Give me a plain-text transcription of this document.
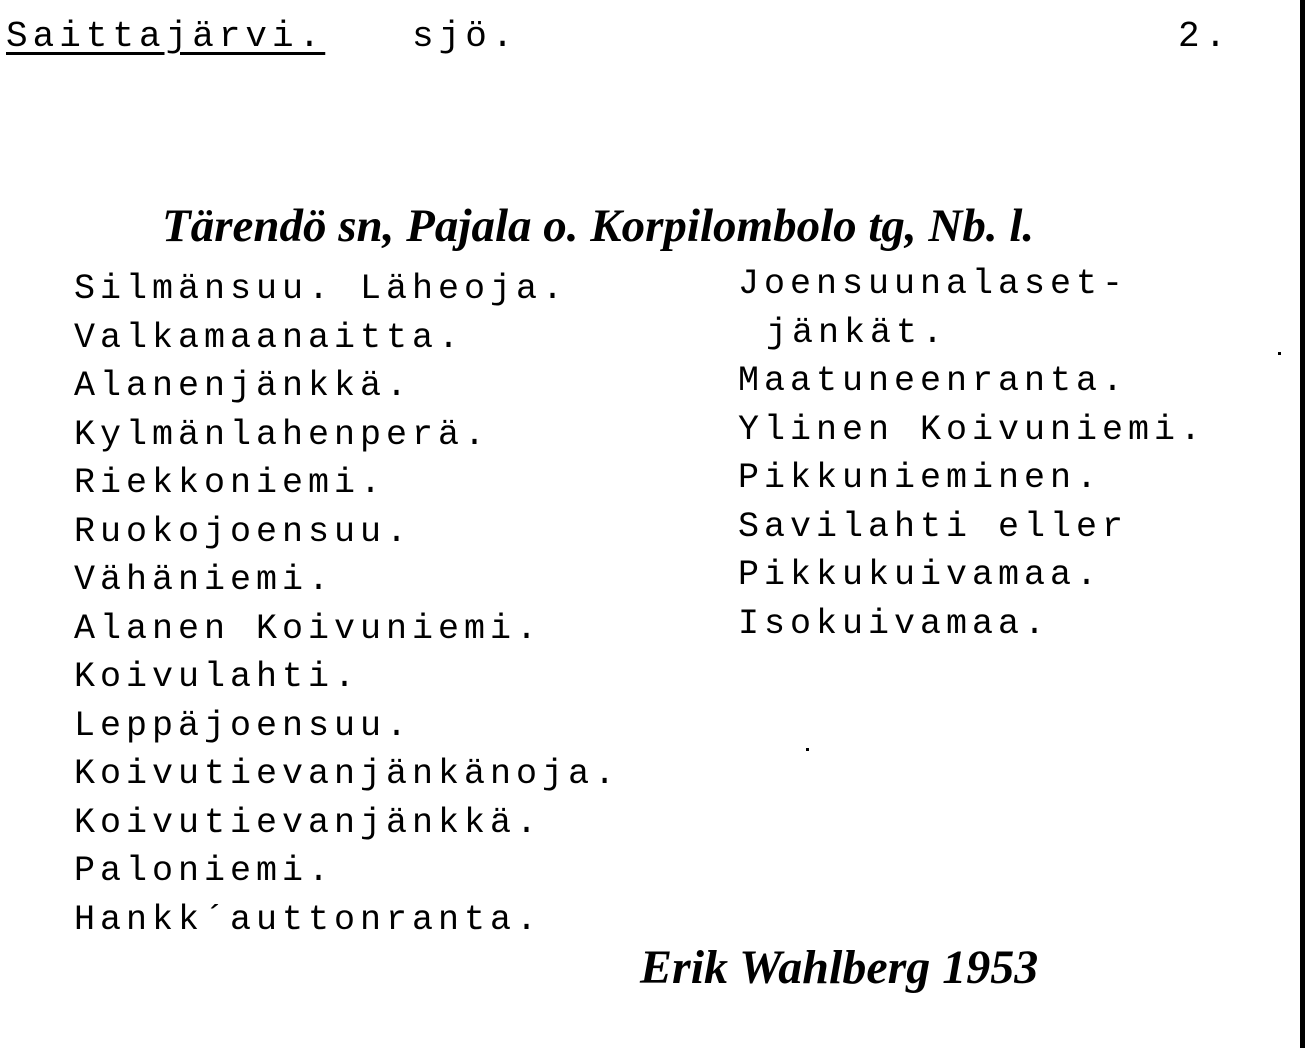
Saittajärvi. sjö.	2.
Tärendö sn, Pajala o. Korpilombolo tg, Nb. l.
Silmänsuu. Läheoja.
Valkamaanaitta.
Alanenjänkkä.
Kylmänlahenperä.
Riekkoniemi.
Ruokojoensuu.
Vähäniemi.
Alanen Koivuniemi.
Koivulahti.
Leppäjoensuu.
Koivutievanjänkänoja.
Koivutievanjänkkä.
Paloniemi.
Hankk´auttonranta.
Joensuunalaset-
jänkät.
Maatuneenranta.
Ylinen Koivuniemi.
Pikkunieminen.
Savilahti eller
Pikkukuivamaa.
Isokuivamaa.
Erik Wahlberg 1953
